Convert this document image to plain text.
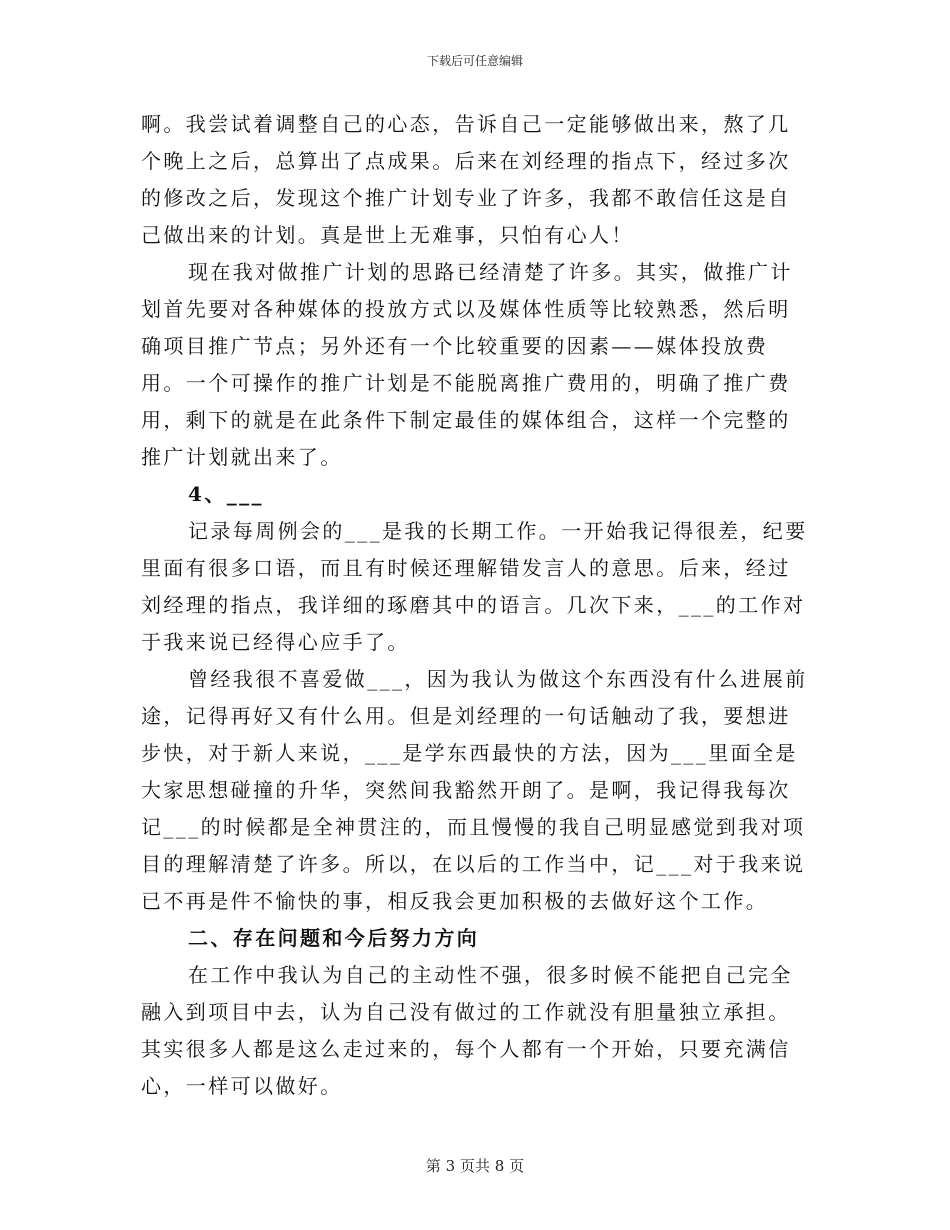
下载后可任意编辑

啊。我尝试着调整自己的心态，告诉自己一定能够做出来，熬了几个晚上之后，总算出了点成果。后来在刘经理的指点下，经过多次的修改之后，发现这个推广计划专业了许多，我都不敢信任这是自己做出来的计划。真是世上无难事，只怕有心人！

现在我对做推广计划的思路已经清楚了许多。其实，做推广计划首先要对各种媒体的投放方式以及媒体性质等比较熟悉，然后明确项目推广节点；另外还有一个比较重要的因素——媒体投放费用。一个可操作的推广计划是不能脱离推广费用的，明确了推广费用，剩下的就是在此条件下制定最佳的媒体组合，这样一个完整的推广计划就出来了。

4、___

记录每周例会的___是我的长期工作。一开始我记得很差，纪要里面有很多口语，而且有时候还理解错发言人的意思。后来，经过刘经理的指点，我详细的琢磨其中的语言。几次下来，___的工作对于我来说已经得心应手了。

曾经我很不喜爱做___，因为我认为做这个东西没有什么进展前途，记得再好又有什么用。但是刘经理的一句话触动了我，要想进步快，对于新人来说，___是学东西最快的方法，因为___里面全是大家思想碰撞的升华，突然间我豁然开朗了。是啊，我记得我每次记___的时候都是全神贯注的，而且慢慢的我自己明显感觉到我对项目的理解清楚了许多。所以，在以后的工作当中，记___对于我来说已不再是件不愉快的事，相反我会更加积极的去做好这个工作。

二、存在问题和今后努力方向

在工作中我认为自己的主动性不强，很多时候不能把自己完全融入到项目中去，认为自己没有做过的工作就没有胆量独立承担。其实很多人都是这么走过来的，每个人都有一个开始，只要充满信心，一样可以做好。

第 3 页共 8 页
